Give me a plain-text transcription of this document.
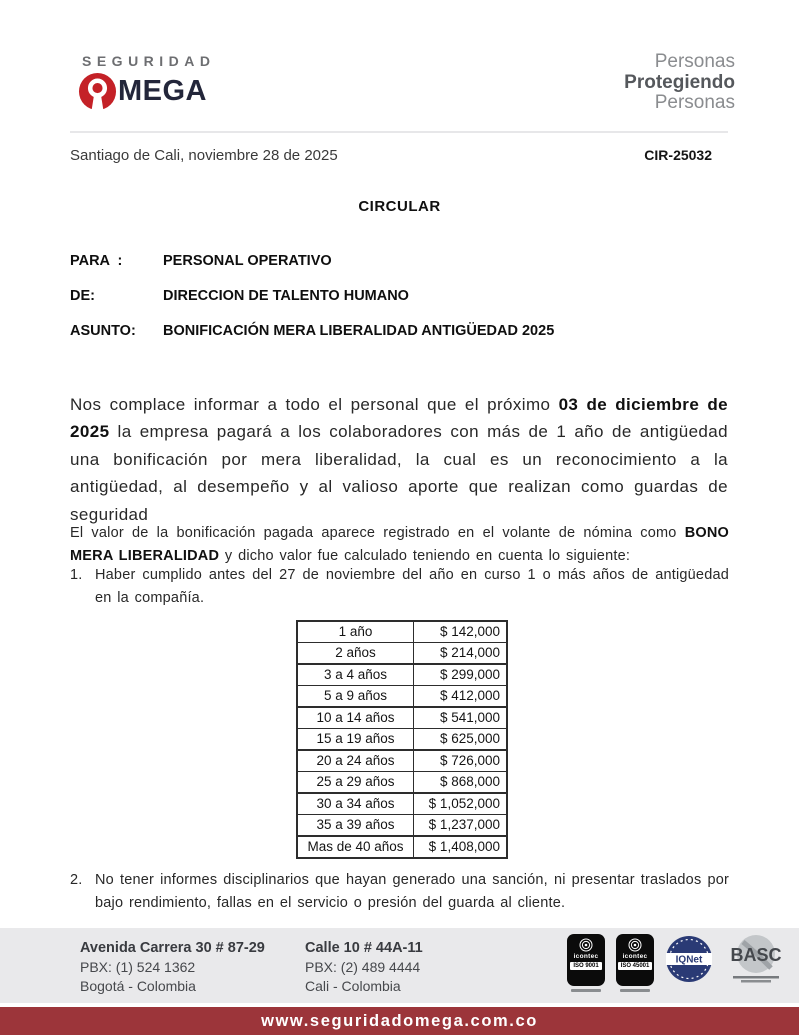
SEGURIDAD
MEGA
Personas
Protegiendo
Personas
Santiago de Cali, noviembre 28 de 2025	CIR-25032
CIRCULAR
PARA  :	PERSONAL OPERATIVO
DE:	DIRECCION DE TALENTO HUMANO
ASUNTO:	BONIFICACIÓN MERA LIBERALIDAD ANTIGÜEDAD 2025

Nos complace informar a todo el personal que el próximo 03 de diciembre de 2025 la empresa pagará a los colaboradores con más de 1 año de antigüedad una bonificación por mera liberalidad, la cual es un reconocimiento a la antigüedad, al desempeño y al valioso aporte que realizan como guardas de seguridad

El valor de la bonificación pagada aparece registrado en el volante de nómina como BONO MERA LIBERALIDAD y dicho valor fue calculado teniendo en cuenta lo siguiente:

1. Haber cumplido antes del 27 de noviembre del año en curso 1 o más años de antigüedad en la compañía.
1 año	$ 142,000
2 años	$ 214,000
3 a 4 años	$ 299,000
5 a 9 años	$ 412,000
10 a 14 años	$ 541,000
15 a 19 años	$ 625,000
20 a 24 años	$ 726,000
25 a 29 años	$ 868,000
30 a 34 años	$ 1,052,000
35 a 39 años	$ 1,237,000
Mas de 40 años	$ 1,408,000
2. No tener informes disciplinarios que hayan generado una sanción, ni presentar traslados por bajo rendimiento, fallas en el servicio o presión del guarda al cliente.
Avenida Carrera 30 # 87-29
PBX: (1) 524 1362
Bogotá - Colombia
Calle 10 # 44A-11
PBX: (2) 489 4444
Cali - Colombia
icontec
ISO 9001
icontec
ISO 45001
IQNet BASC
www.seguridadomega.com.co
